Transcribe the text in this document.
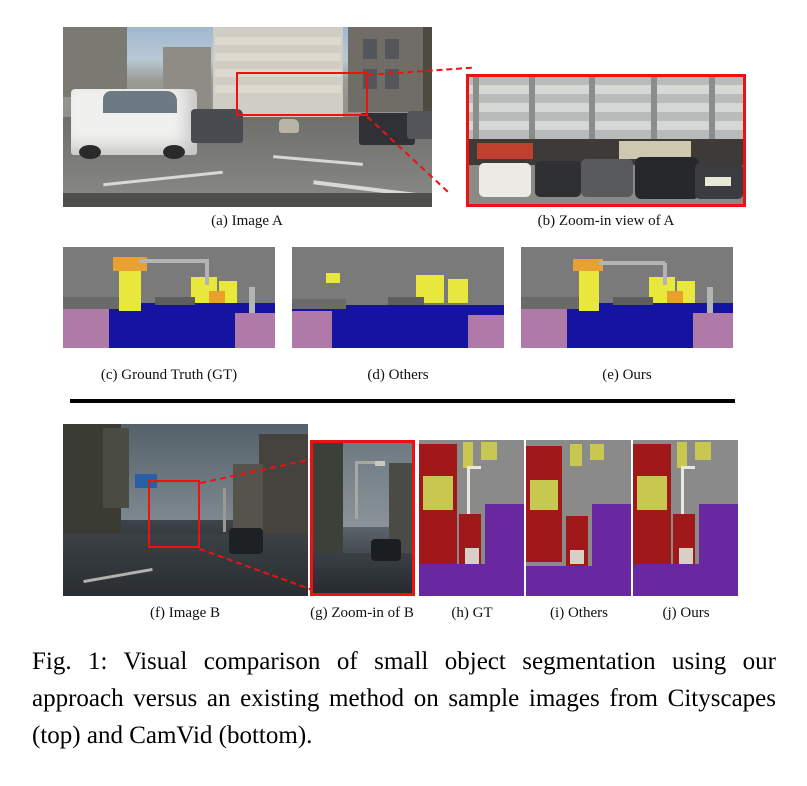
(a) Image A	(b) Zoom-in view of A
(c) Ground Truth (GT)	(d) Others	(e) Ours
(f) Image B	(g) Zoom-in of B	(h) GT	(i) Others	(j) Ours
Fig. 1: Visual comparison of small object segmentation using our approach versus an existing method on sample images from Cityscapes (top) and CamVid (bottom).
